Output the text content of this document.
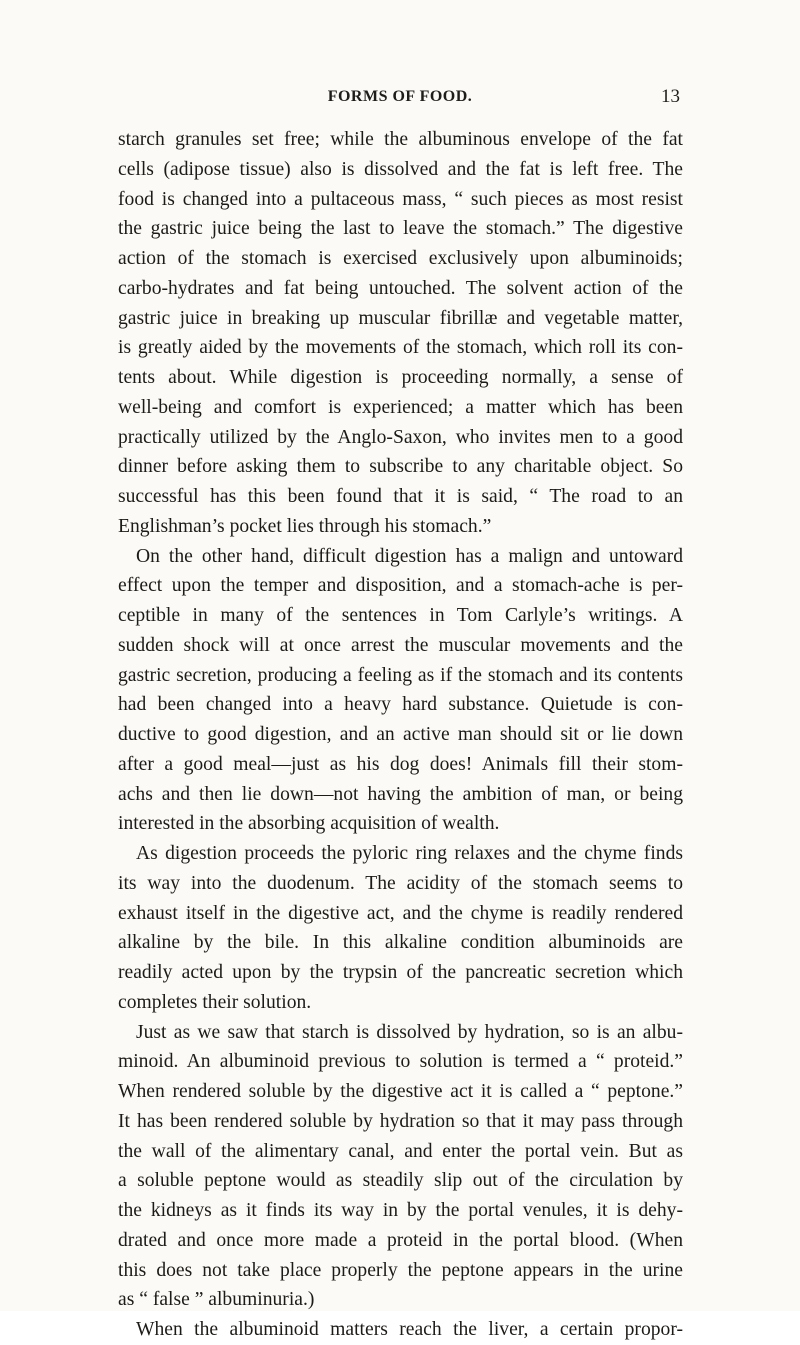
FORMS OF FOOD.	13
starch granules set free; while the albuminous envelope of the fat
cells (adipose tissue) also is dissolved and the fat is left free. The
food is changed into a pultaceous mass, “ such pieces as most resist
the gastric juice being the last to leave the stomach.” The digestive
action of the stomach is exercised exclusively upon albuminoids;
carbo-hydrates and fat being untouched. The solvent action of the
gastric juice in breaking up muscular fibrillæ and vegetable matter,
is greatly aided by the movements of the stomach, which roll its con-
tents about. While digestion is proceeding normally, a sense of
well-being and comfort is experienced; a matter which has been
practically utilized by the Anglo-Saxon, who invites men to a good
dinner before asking them to subscribe to any charitable object. So
successful has this been found that it is said, “ The road to an
Englishman’s pocket lies through his stomach.”
On the other hand, difficult digestion has a malign and untoward
effect upon the temper and disposition, and a stomach-ache is per-
ceptible in many of the sentences in Tom Carlyle’s writings. A
sudden shock will at once arrest the muscular movements and the
gastric secretion, producing a feeling as if the stomach and its contents
had been changed into a heavy hard substance. Quietude is con-
ductive to good digestion, and an active man should sit or lie down
after a good meal—just as his dog does! Animals fill their stom-
achs and then lie down—not having the ambition of man, or being
interested in the absorbing acquisition of wealth.
As digestion proceeds the pyloric ring relaxes and the chyme finds
its way into the duodenum. The acidity of the stomach seems to
exhaust itself in the digestive act, and the chyme is readily rendered
alkaline by the bile. In this alkaline condition albuminoids are
readily acted upon by the trypsin of the pancreatic secretion which
completes their solution.
Just as we saw that starch is dissolved by hydration, so is an albu-
minoid. An albuminoid previous to solution is termed a “ proteid.”
When rendered soluble by the digestive act it is called a “ peptone.”
It has been rendered soluble by hydration so that it may pass through
the wall of the alimentary canal, and enter the portal vein. But as
a soluble peptone would as steadily slip out of the circulation by
the kidneys as it finds its way in by the portal venules, it is dehy-
drated and once more made a proteid in the portal blood. (When
this does not take place properly the peptone appears in the urine
as “ false ” albuminuria.)
When the albuminoid matters reach the liver, a certain propor-
